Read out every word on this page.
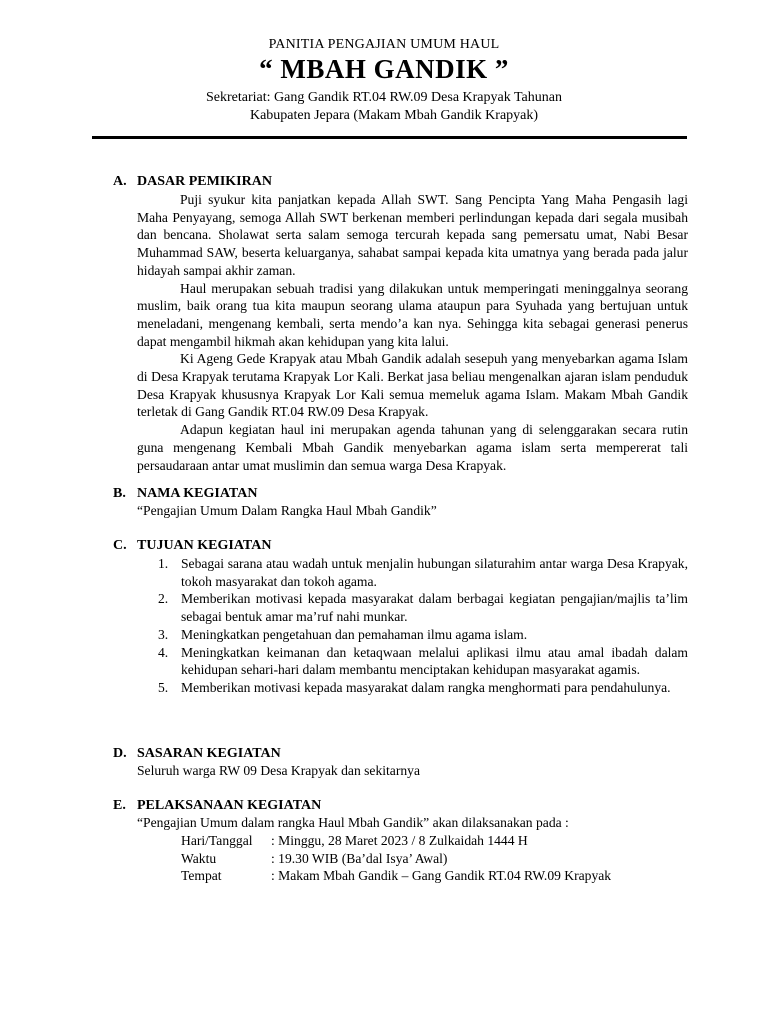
PANITIA PENGAJIAN UMUM HAUL
“ MBAH GANDIK ”
Sekretariat: Gang Gandik RT.04 RW.09 Desa Krapyak Tahunan
Kabupaten Jepara (Makam Mbah Gandik Krapyak)
A. DASAR PEMIKIRAN

Puji syukur kita panjatkan kepada Allah SWT. Sang Pencipta Yang Maha Pengasih lagi Maha Penyayang, semoga Allah SWT berkenan memberi perlindungan kepada dari segala musibah dan bencana. Sholawat serta salam semoga tercurah kepada sang pemersatu umat, Nabi Besar Muhammad SAW, beserta keluarganya, sahabat sampai kepada kita umatnya yang berada pada jalur hidayah sampai akhir zaman.

Haul merupakan sebuah tradisi yang dilakukan untuk memperingati meninggalnya seorang muslim, baik orang tua kita maupun seorang ulama ataupun para Syuhada yang bertujuan untuk meneladani, mengenang kembali, serta mendo’a kan nya. Sehingga kita sebagai generasi penerus dapat mengambil hikmah akan kehidupan yang kita lalui.

Ki Ageng Gede Krapyak atau Mbah Gandik adalah sesepuh yang menyebarkan agama Islam di Desa Krapyak terutama Krapyak Lor Kali. Berkat jasa beliau mengenalkan ajaran islam penduduk Desa Krapyak khususnya Krapyak Lor Kali semua memeluk agama Islam. Makam Mbah Gandik terletak di Gang Gandik RT.04 RW.09 Desa Krapyak.

Adapun kegiatan haul ini merupakan agenda tahunan yang di selenggarakan secara rutin guna mengenang Kembali Mbah Gandik menyebarkan agama islam serta mempererat tali persaudaraan antar umat muslimin dan semua warga Desa Krapyak.

B. NAMA KEGIATAN
“Pengajian Umum Dalam Rangka Haul Mbah Gandik”
C. TUJUAN KEGIATAN
1. Sebagai sarana atau wadah untuk menjalin hubungan silaturahim antar warga Desa Krapyak, tokoh masyarakat dan tokoh agama.
2. Memberikan motivasi kepada masyarakat dalam berbagai kegiatan pengajian/majlis ta’lim sebagai bentuk amar ma’ruf nahi munkar.
3. Meningkatkan pengetahuan dan pemahaman ilmu agama islam.
4. Meningkatkan keimanan dan ketaqwaan melalui aplikasi ilmu atau amal ibadah dalam kehidupan sehari-hari dalam membantu menciptakan kehidupan masyarakat agamis.
5. Memberikan motivasi kepada masyarakat dalam rangka menghormati para pendahulunya.
D. SASARAN KEGIATAN
Seluruh warga RW 09 Desa Krapyak dan sekitarnya
E. PELAKSANAAN KEGIATAN
“Pengajian Umum dalam rangka Haul Mbah Gandik” akan dilaksanakan pada :
Hari/Tanggal : Minggu, 28 Maret 2023 / 8 Zulkaidah 1444 H
Waktu	: 19.30 WIB (Ba’dal Isya’ Awal)
Tempat	: Makam Mbah Gandik – Gang Gandik RT.04 RW.09 Krapyak
